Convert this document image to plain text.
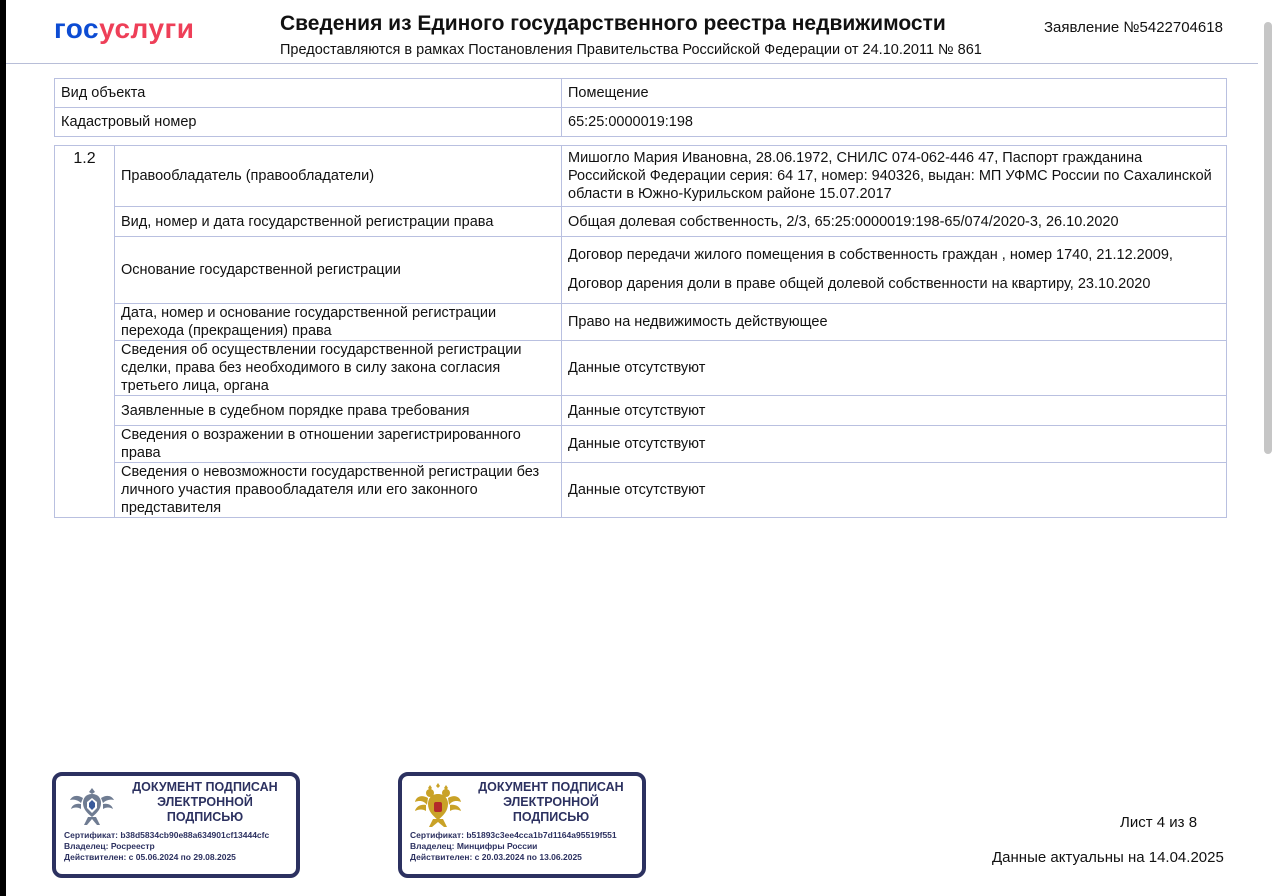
госуслуги	Сведения из Единого государственного реестра недвижимости
Предоставляются в рамках Постановления Правительства Российской Федерации от 24.10.2011 № 861
Заявление №5422704618
Вид объекта	Помещение
Кадастровый номер	65:25:0000019:198
1.2	Правообладатель (правообладатели)	Мишогло Мария Ивановна, 28.06.1972, СНИЛС 074-062-446 47, Паспорт гражданина Российской Федерации серия: 64 17, номер: 940326, выдан: МП УФМС России по Сахалинской области в Южно-Курильском районе 15.07.2017
	Вид, номер и дата государственной регистрации права	Общая долевая собственность, 2/3, 65:25:0000019:198-65/074/2020-3, 26.10.2020
	Основание государственной регистрации	Договор передачи жилого помещения в собственность граждан , номер 1740, 21.12.2009,
Договор дарения доли в праве общей долевой собственности на квартиру, 23.10.2020

	Дата, номер и основание государственной регистрации перехода (прекращения) права	Право на недвижимость действующее
	Сведения об осуществлении государственной регистрации сделки, права без необходимого в силу закона согласия третьего лица, органа	Данные отсутствуют
	Заявленные в судебном порядке права требования	Данные отсутствуют
	Сведения о возражении в отношении зарегистрированного права	Данные отсутствуют
	Сведения о невозможности государственной регистрации без личного участия правообладателя или его законного представителя	Данные отсутствуют
ДОКУМЕНТ ПОДПИСАН
ЭЛЕКТРОННОЙ
ПОДПИСЬЮ
Сертификат: b38d5834cb90e88a634901cf13444cfc
Владелец: Росреестр
Действителен: с 05.06.2024 по 29.08.2025
ДОКУМЕНТ ПОДПИСАН
ЭЛЕКТРОННОЙ
ПОДПИСЬЮ
Сертификат: b51893c3ee4cca1b7d1164a95519f551
Владелец: Минцифры России
Действителен: с 20.03.2024 по 13.06.2025
Лист 4 из 8
Данные актуальны на 14.04.2025
